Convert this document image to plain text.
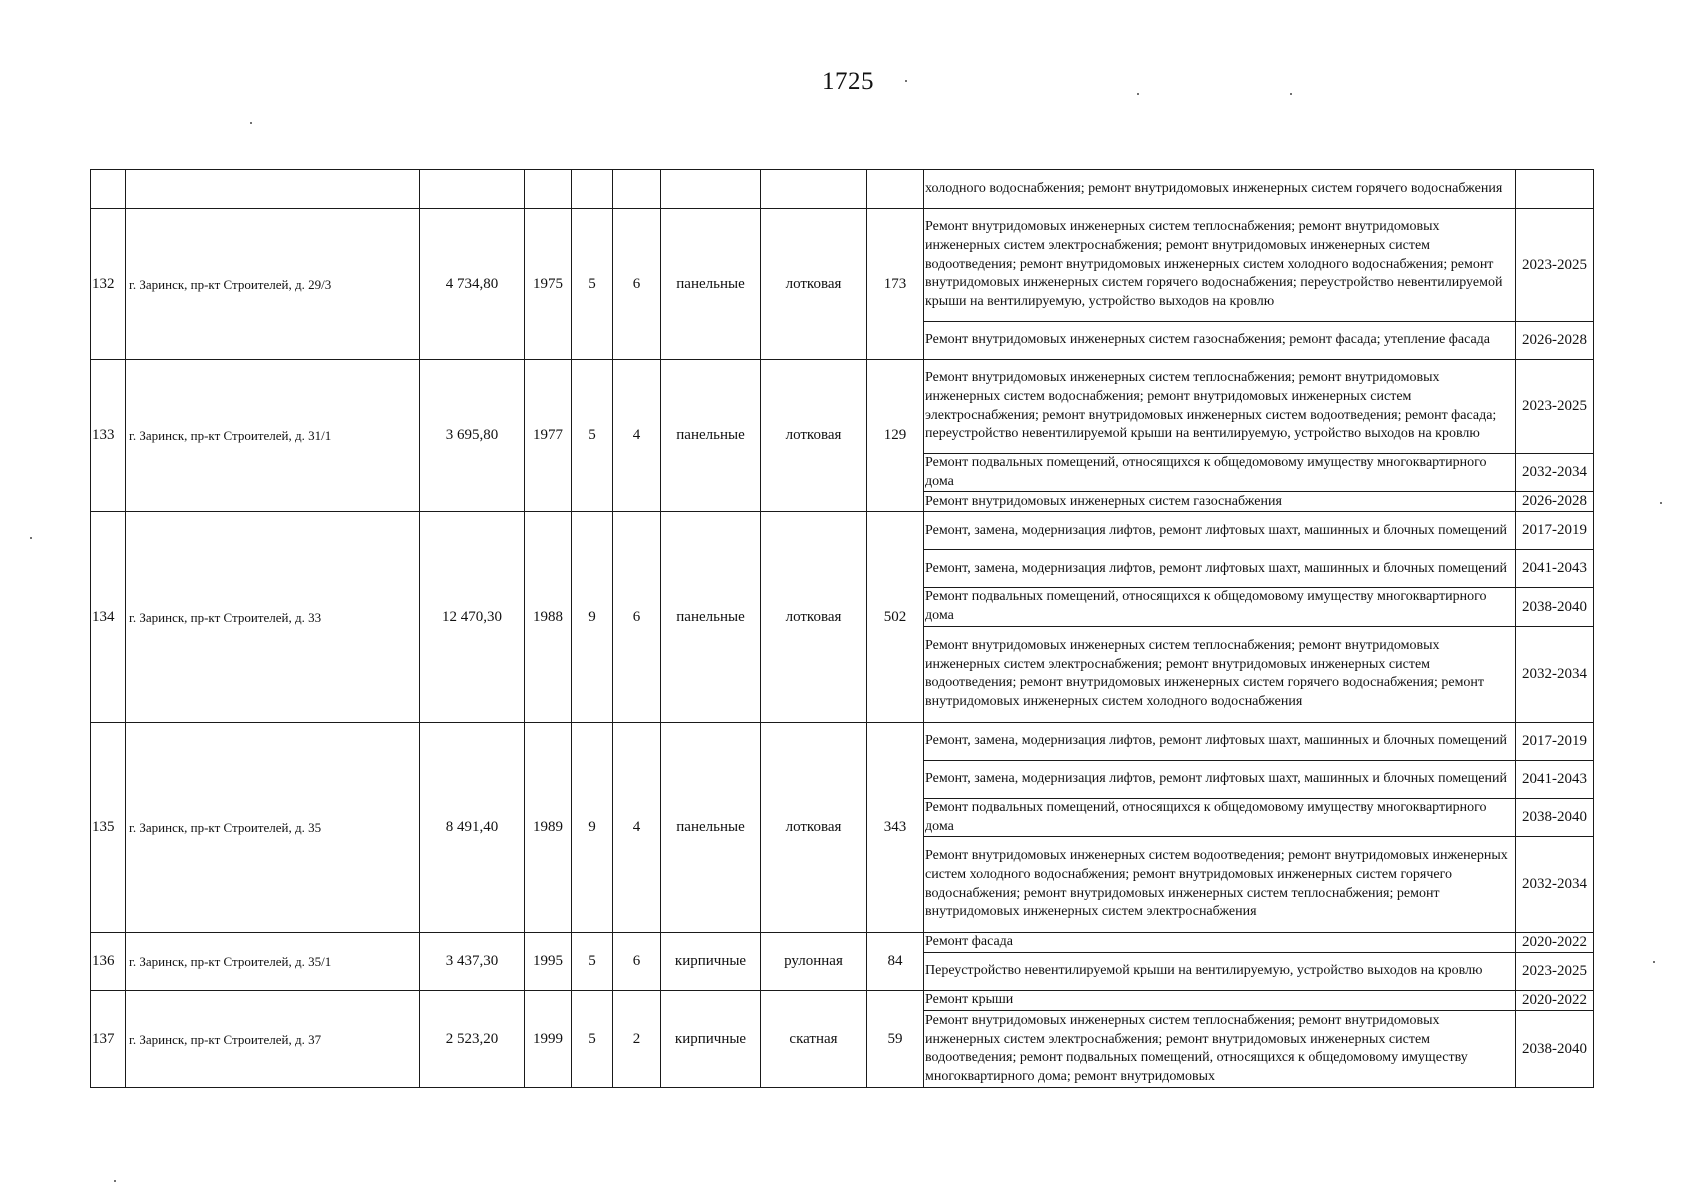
1725
									холодного водоснабжения; ремонт внутридомовых инженерных систем горячего водоснабжения	
132	г. Заринск, пр-кт Строителей, д. 29/3	4 734,80	1975	5	6	панельные	лотковая	173	Ремонт внутридомовых инженерных систем теплоснабжения; ремонт внутридомовых инженерных систем электроснабжения; ремонт внутридомовых инженерных систем водоотведения; ремонт внутридомовых инженерных систем холодного водоснабжения; ремонт внутридомовых инженерных систем горячего водоснабжения; переустройство невентилируемой крыши на вентилируемую, устройство выходов на кровлю	2023-2025
									Ремонт внутридомовых инженерных систем газоснабжения; ремонт фасада; утепление фасада	2026-2028
133	г. Заринск, пр-кт Строителей, д. 31/1	3 695,80	1977	5	4	панельные	лотковая	129	Ремонт внутридомовых инженерных систем теплоснабжения; ремонт внутридомовых инженерных систем водоснабжения; ремонт внутридомовых инженерных систем электроснабжения; ремонт внутридомовых инженерных систем водоотведения; ремонт фасада; переустройство невентилируемой крыши на вентилируемую, устройство выходов на кровлю	2023-2025
									Ремонт подвальных помещений, относящихся к общедомовому имуществу многоквартирного дома	2032-2034
									Ремонт внутридомовых инженерных систем газоснабжения	2026-2028
134	г. Заринск, пр-кт Строителей, д. 33	12 470,30	1988	9	6	панельные	лотковая	502	Ремонт, замена, модернизация лифтов, ремонт лифтовых шахт, машинных и блочных помещений	2017-2019
									Ремонт, замена, модернизация лифтов, ремонт лифтовых шахт, машинных и блочных помещений	2041-2043
									Ремонт подвальных помещений, относящихся к общедомовому имуществу многоквартирного дома	2038-2040
									Ремонт внутридомовых инженерных систем теплоснабжения; ремонт внутридомовых инженерных систем электроснабжения; ремонт внутридомовых инженерных систем водоотведения; ремонт внутридомовых инженерных систем горячего водоснабжения; ремонт внутридомовых инженерных систем холодного водоснабжения	2032-2034
135	г. Заринск, пр-кт Строителей, д. 35	8 491,40	1989	9	4	панельные	лотковая	343	Ремонт, замена, модернизация лифтов, ремонт лифтовых шахт, машинных и блочных помещений	2017-2019
									Ремонт, замена, модернизация лифтов, ремонт лифтовых шахт, машинных и блочных помещений	2041-2043
									Ремонт подвальных помещений, относящихся к общедомовому имуществу многоквартирного дома	2038-2040
									Ремонт внутридомовых инженерных систем водоотведения; ремонт внутридомовых инженерных систем холодного водоснабжения; ремонт внутридомовых инженерных систем горячего водоснабжения; ремонт внутридомовых инженерных систем теплоснабжения; ремонт внутридомовых инженерных систем электроснабжения	2032-2034
136	г. Заринск, пр-кт Строителей, д. 35/1	3 437,30	1995	5	6	кирпичные	рулонная	84	Ремонт фасада	2020-2022
									Переустройство невентилируемой крыши на вентилируемую, устройство выходов на кровлю	2023-2025
137	г. Заринск, пр-кт Строителей, д. 37	2 523,20	1999	5	2	кирпичные	скатная	59	Ремонт крыши	2020-2022
									Ремонт внутридомовых инженерных систем теплоснабжения; ремонт внутридомовых инженерных систем электроснабжения; ремонт внутридомовых инженерных систем водоотведения; ремонт подвальных помещений, относящихся к общедомовому имуществу многоквартирного дома; ремонт внутридомовых	2038-2040
